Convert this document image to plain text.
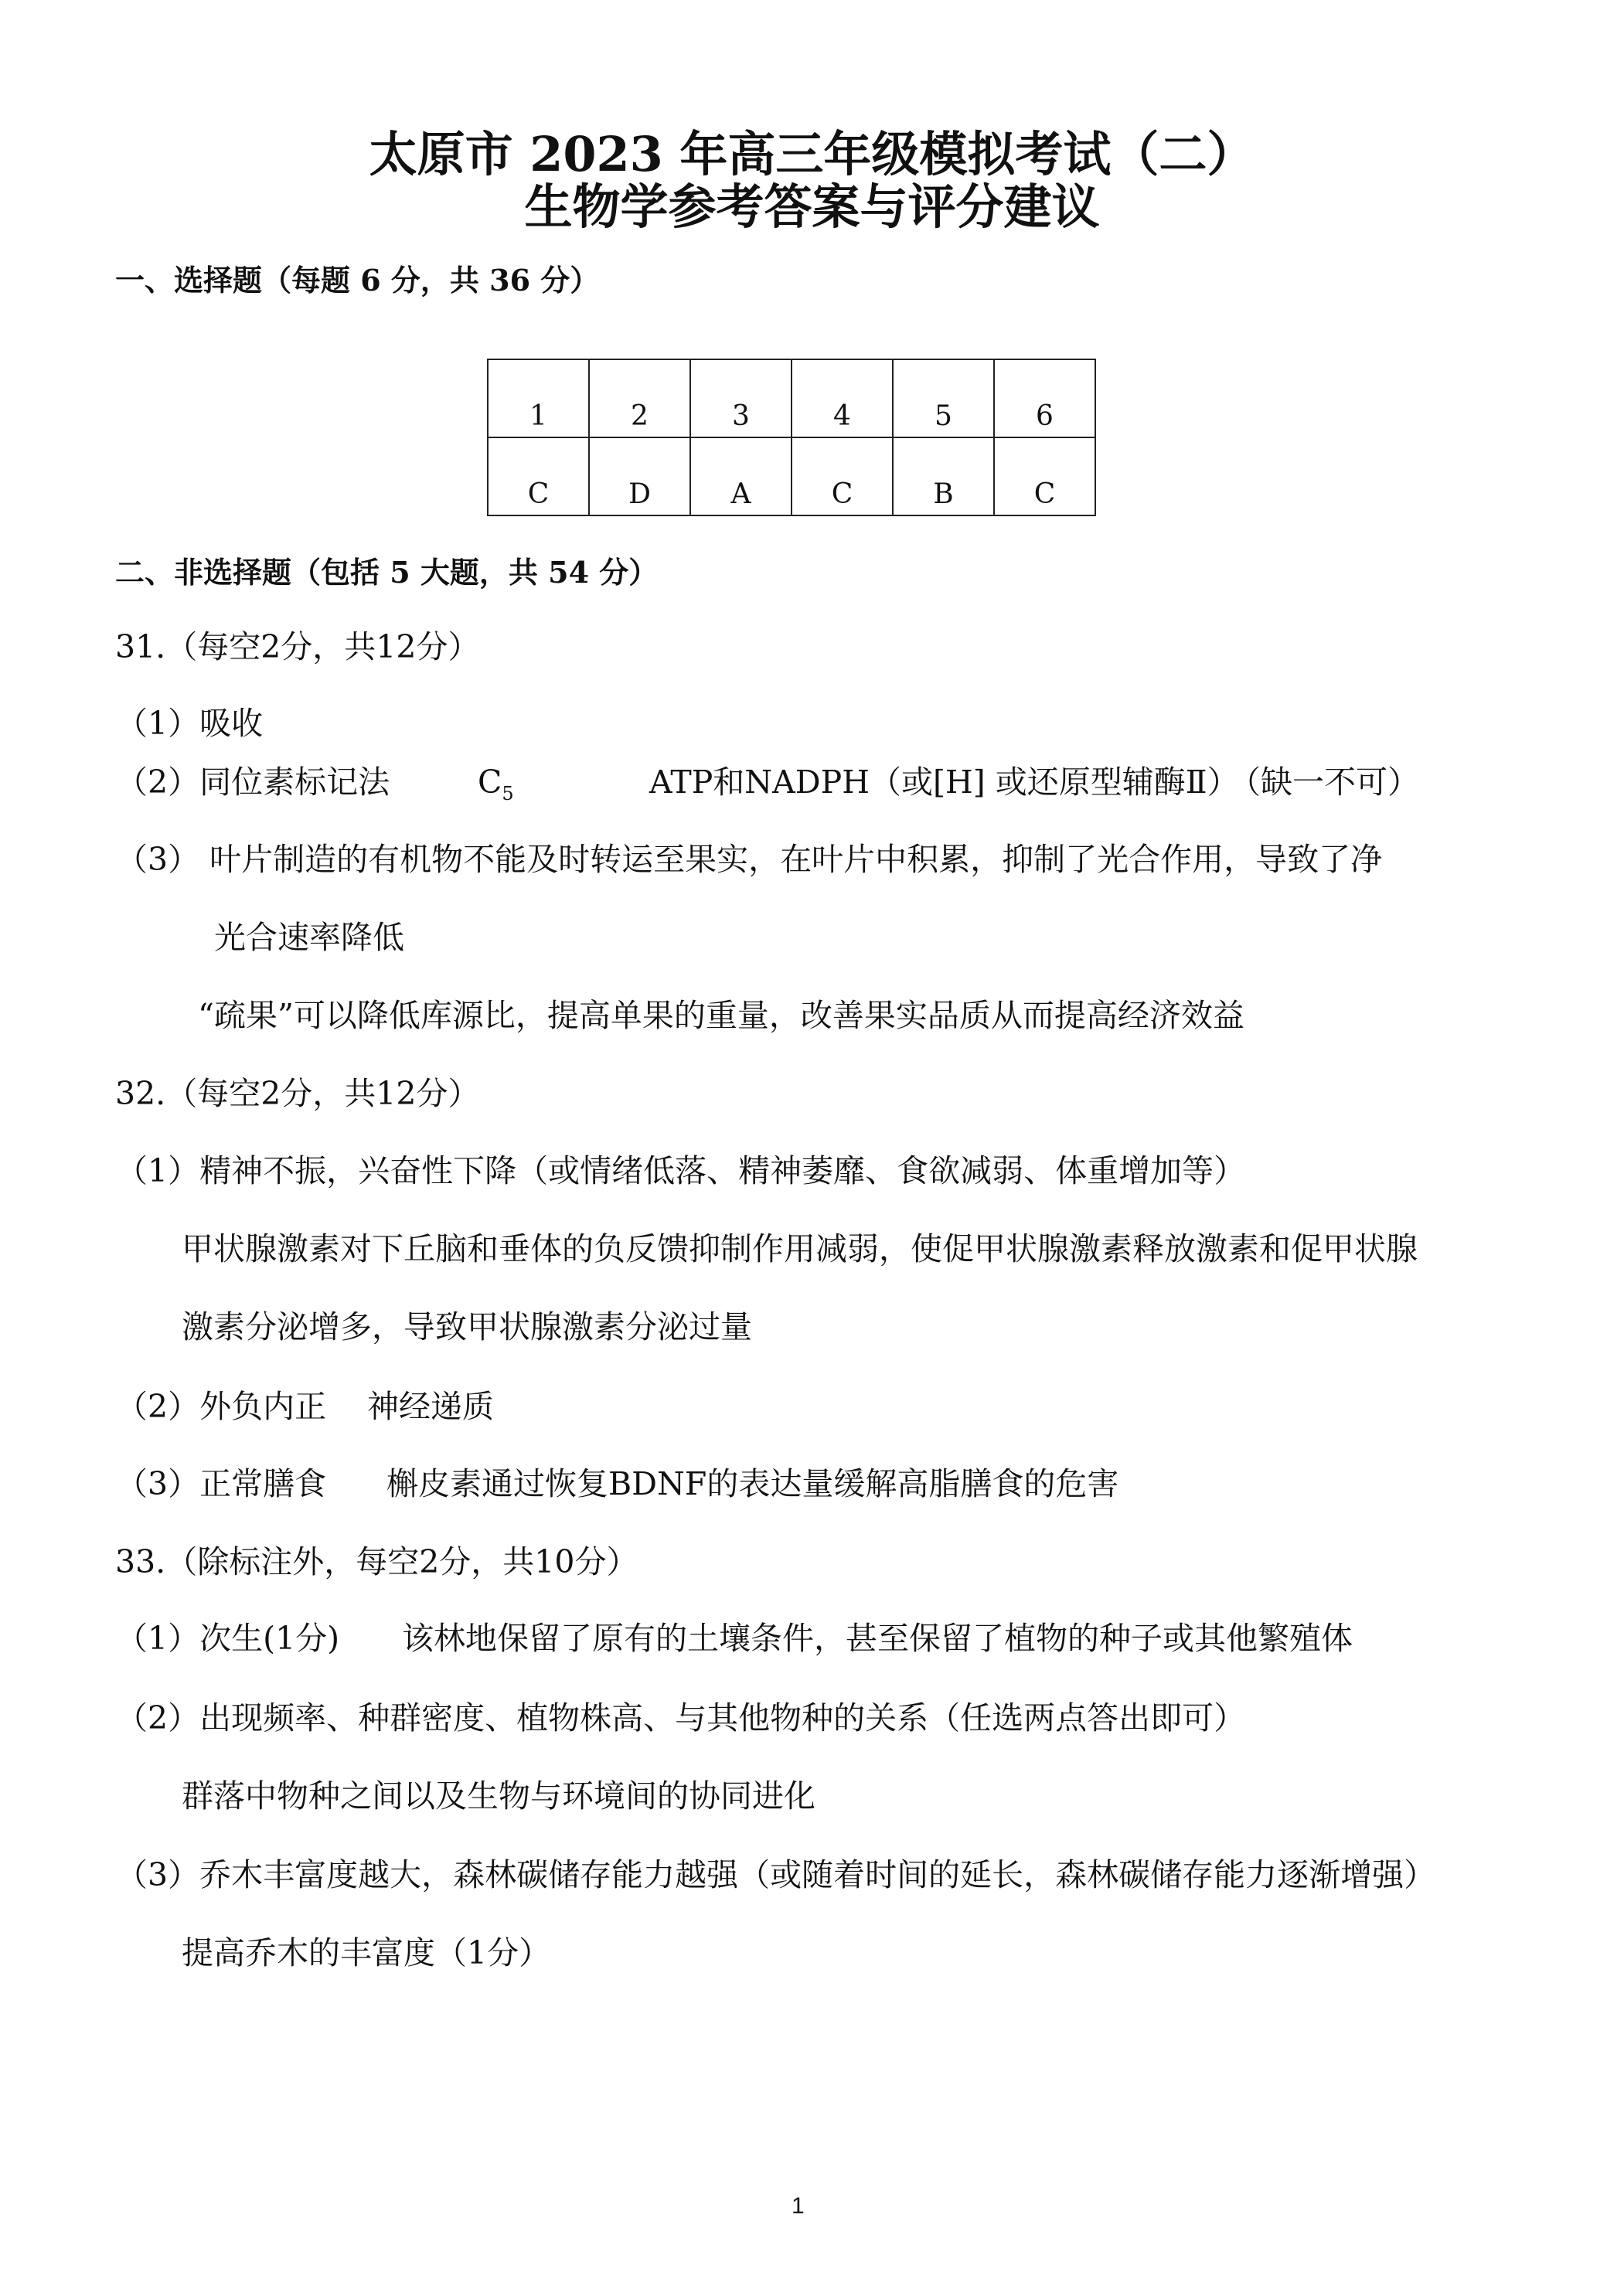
太原市 2023 年高三年级模拟考试（二）
生物学参考答案与评分建议
一、选择题（每题 6 分，共 36 分）
1	2	3	4	5	6
C	D	A	C	B	C
二、非选择题（包括 5 大题，共 54 分）
31.（每空2分，共12分）
（1）吸收
（2）同位素标记法	$C_5$	ATP和NADPH（或[H] 或还原型辅酶Ⅱ）
（缺一不可）
（3） 叶片制造的有机物不能及时转运至果实，在叶片中积累，抑制了光合作用，导致了净
光合速率降低
“疏果”可以降低库源比，提高单果的重量，改善果实品质从而提高经济效益
32.（每空2分，共12分）
（1）精神不振，兴奋性下降（或情绪低落、精神萎靡、食欲减弱、体重增加等）
甲状腺激素对下丘脑和垂体的负反馈抑制作用减弱，使促甲状腺激素释放激素和促甲状腺
激素分泌增多，导致甲状腺激素分泌过量
（2）外负内正 神经递质
（3）正常膳食 槲皮素通过恢复BDNF的表达量缓解高脂膳食的危害
33.（除标注外，每空2分，共10分）
（1）次生(1分) 该林地保留了原有的土壤条件，甚至保留了植物的种子或其他繁殖体
（2）出现频率、种群密度、植物株高、与其他物种的关系（任选两点答出即可）
群落中物种之间以及生物与环境间的协同进化
（3）乔木丰富度越大，森林碳储存能力越强（或随着时间的延长，森林碳储存能力逐渐增强）
提高乔木的丰富度（1分）
1
